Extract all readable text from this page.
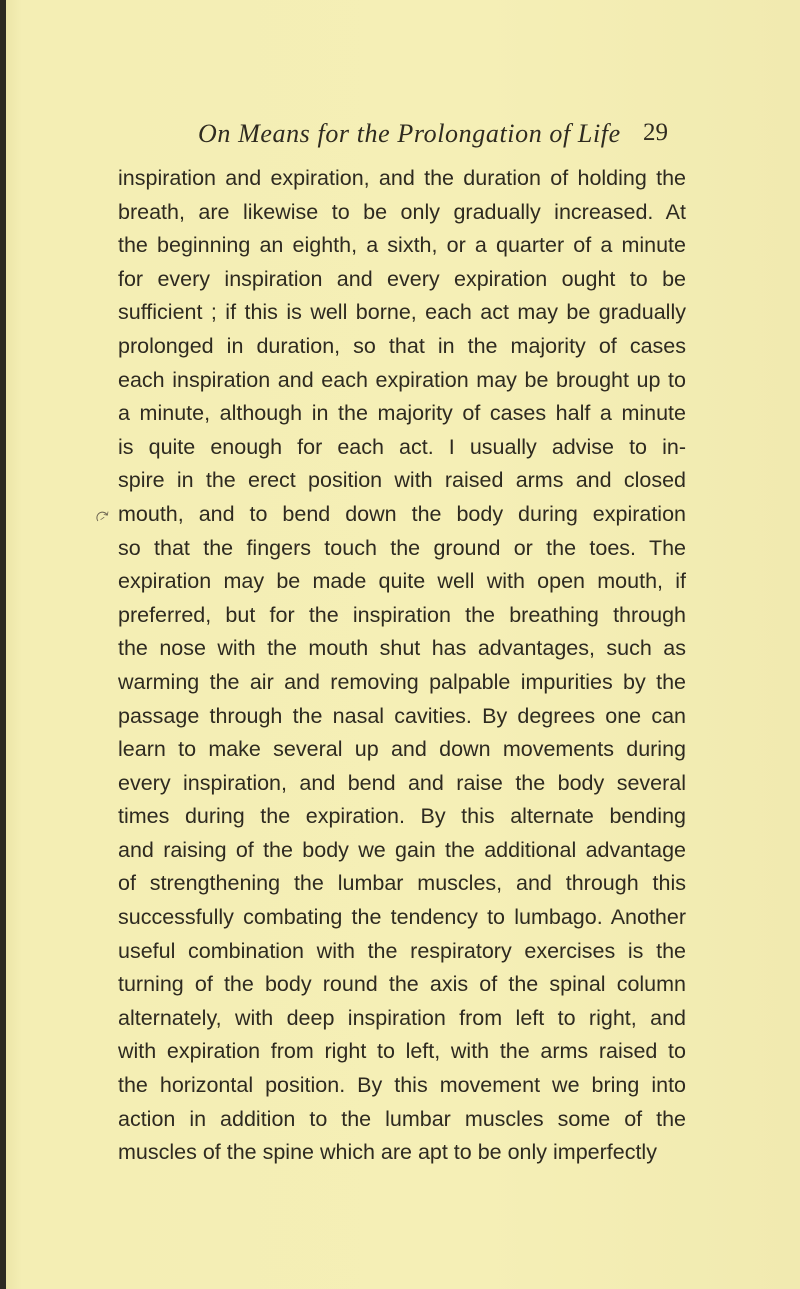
On Means for the Prolongation of Life 29
⤼
inspiration and expiration, and the duration of holding the
breath, are likewise to be only gradually increased. At
the beginning an eighth, a sixth, or a quarter of a minute
for every inspiration and every expiration ought to be
sufficient ; if this is well borne, each act may be gradually
prolonged in duration, so that in the majority of cases
each inspiration and each expiration may be brought up to
a minute, although in the majority of cases half a minute
is quite enough for each act. I usually advise to in-
spire in the erect position with raised arms and closed
mouth, and to bend down the body during expiration
so that the fingers touch the ground or the toes. The
expiration may be made quite well with open mouth, if
preferred, but for the inspiration the breathing through
the nose with the mouth shut has advantages, such as
warming the air and removing palpable impurities by the
passage through the nasal cavities. By degrees one can
learn to make several up and down movements during
every inspiration, and bend and raise the body several
times during the expiration. By this alternate bending
and raising of the body we gain the additional advantage
of strengthening the lumbar muscles, and through this
successfully combating the tendency to lumbago. Another
useful combination with the respiratory exercises is the
turning of the body round the axis of the spinal column
alternately, with deep inspiration from left to right, and
with expiration from right to left, with the arms raised to
the horizontal position. By this movement we bring into
action in addition to the lumbar muscles some of the
muscles of the spine which are apt to be only imperfectly
